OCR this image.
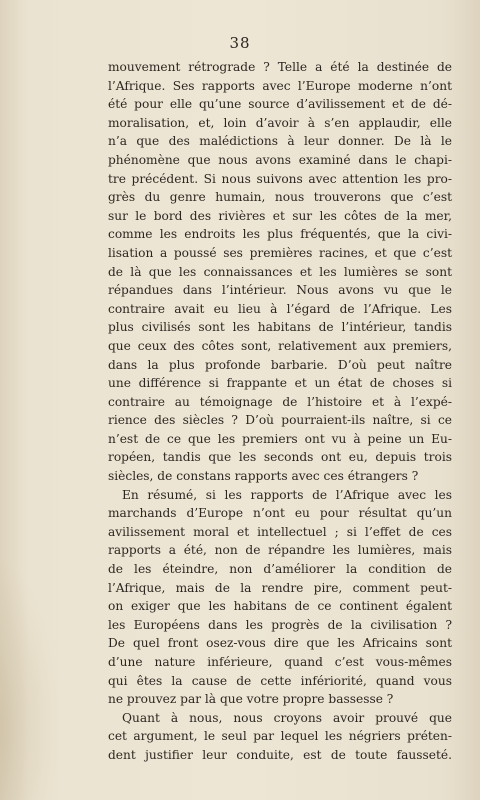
38
mouvement rétrograde ? Telle a été la destinée de
l’Afrique. Ses rapports avec l’Europe moderne n’ont
été pour elle qu’une source d’avilissement et de dé-
moralisation, et, loin d’avoir à s’en applaudir, elle
n’a que des malédictions à leur donner. De là le
phénomène que nous avons examiné dans le chapi-
tre précédent. Si nous suivons avec attention les pro-
grès du genre humain, nous trouverons que c’est
sur le bord des rivières et sur les côtes de la mer,
comme les endroits les plus fréquentés, que la civi-
lisation a poussé ses premières racines, et que c’est
de là que les connaissances et les lumières se sont
répandues dans l’intérieur. Nous avons vu que le
contraire avait eu lieu à l’égard de l’Afrique. Les
plus civilisés sont les habitans de l’intérieur, tandis
que ceux des côtes sont, relativement aux premiers,
dans la plus profonde barbarie. D’où peut naître
une différence si frappante et un état de choses si
contraire au témoignage de l’histoire et à l’expé-
rience des siècles ? D’où pourraient-ils naître, si ce
n’est de ce que les premiers ont vu à peine un Eu-
ropéen, tandis que les seconds ont eu, depuis trois
siècles, de constans rapports avec ces étrangers ?
En résumé, si les rapports de l’Afrique avec les
marchands d’Europe n’ont eu pour résultat qu’un
avilissement moral et intellectuel ; si l’effet de ces
rapports a été, non de répandre les lumières, mais
de les éteindre, non d’améliorer la condition de
l’Afrique, mais de la rendre pire, comment peut-
on exiger que les habitans de ce continent égalent
les Européens dans les progrès de la civilisation ?
De quel front osez-vous dire que les Africains sont
d’une nature inférieure, quand c’est vous-mêmes
qui êtes la cause de cette infériorité, quand vous
ne prouvez par là que votre propre bassesse ?
Quant à nous, nous croyons avoir prouvé que
cet argument, le seul par lequel les négriers préten-
dent justifier leur conduite, est de toute fausseté.
